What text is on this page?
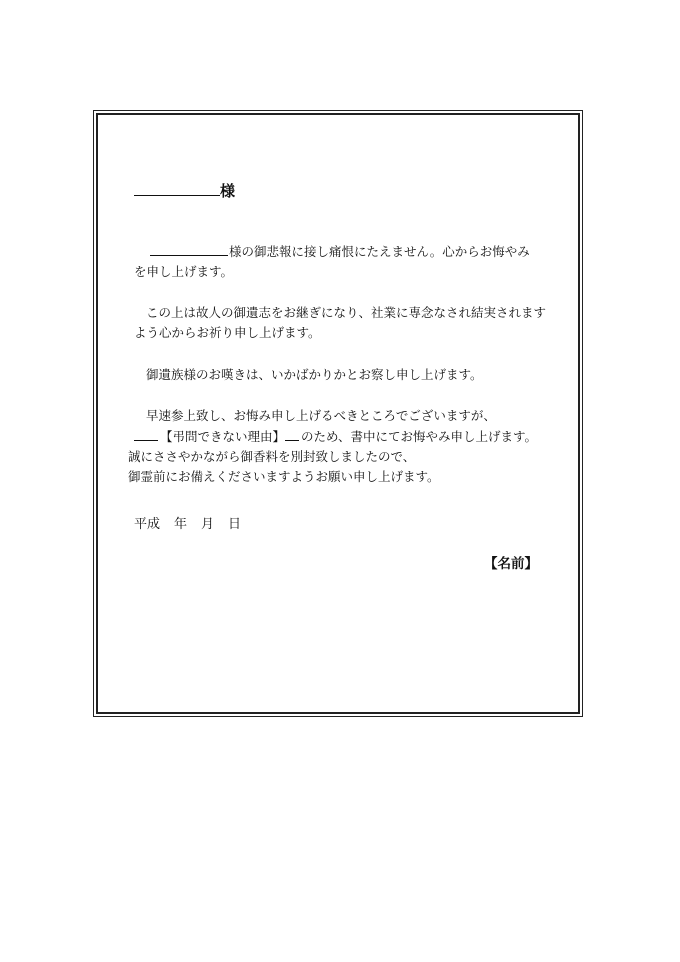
様
様の御悲報に接し痛恨にたえません。心からお悔やみ
を申し上げます。
この上は故人の御遺志をお継ぎになり、社業に専念なされ結実されます
よう心からお祈り申し上げます。
御遺族様のお嘆きは、いかばかりかとお察し申し上げます。
早速参上致し、お悔み申し上げるべきところでございますが、
【弔問できない理由】 のため、書中にてお悔やみ申し上げます。
誠にささやかながら御香料を別封致しましたので、
御霊前にお備えくださいますようお願い申し上げます。
平成 年 月 日
【名前】
